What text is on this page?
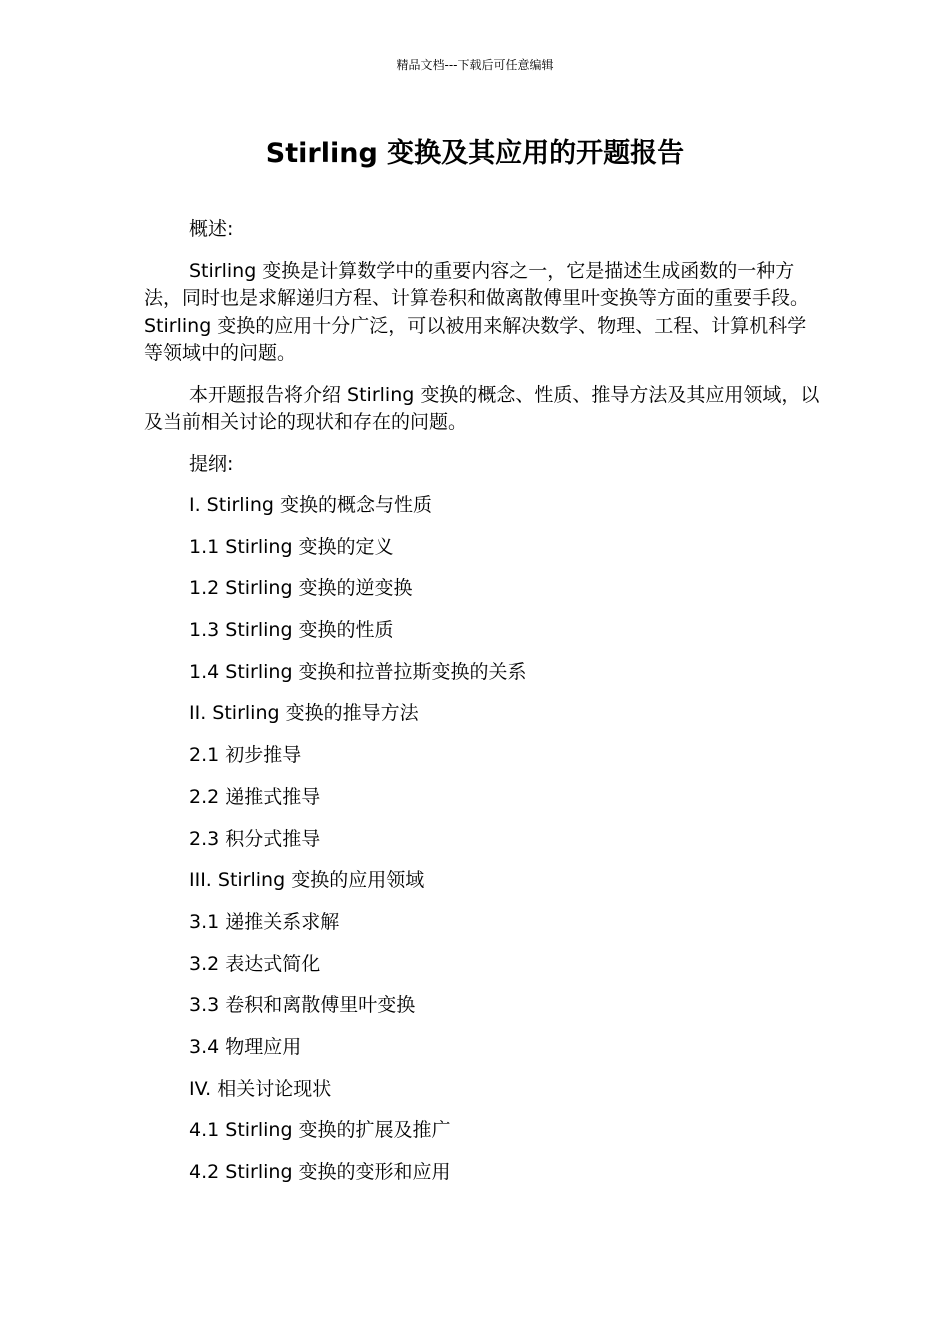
精品文档---下载后可任意编辑
Stirling 变换及其应用的开题报告

概述:

Stirling 变换是计算数学中的重要内容之一，它是描述生成函数的一种方法，同时也是求解递归方程、计算卷积和做离散傅里叶变换等方面的重要手段。Stirling 变换的应用十分广泛，可以被用来解决数学、物理、工程、计算机科学等领域中的问题。

本开题报告将介绍 Stirling 变换的概念、性质、推导方法及其应用领域，以及当前相关讨论的现状和存在的问题。

提纲:

I. Stirling 变换的概念与性质
1.1 Stirling 变换的定义
1.2 Stirling 变换的逆变换
1.3 Stirling 变换的性质
1.4 Stirling 变换和拉普拉斯变换的关系
II. Stirling 变换的推导方法
2.1 初步推导
2.2 递推式推导
2.3 积分式推导
III. Stirling 变换的应用领域
3.1 递推关系求解
3.2 表达式简化
3.3 卷积和离散傅里叶变换
3.4 物理应用
IV. 相关讨论现状
4.1 Stirling 变换的扩展及推广
4.2 Stirling 变换的变形和应用
